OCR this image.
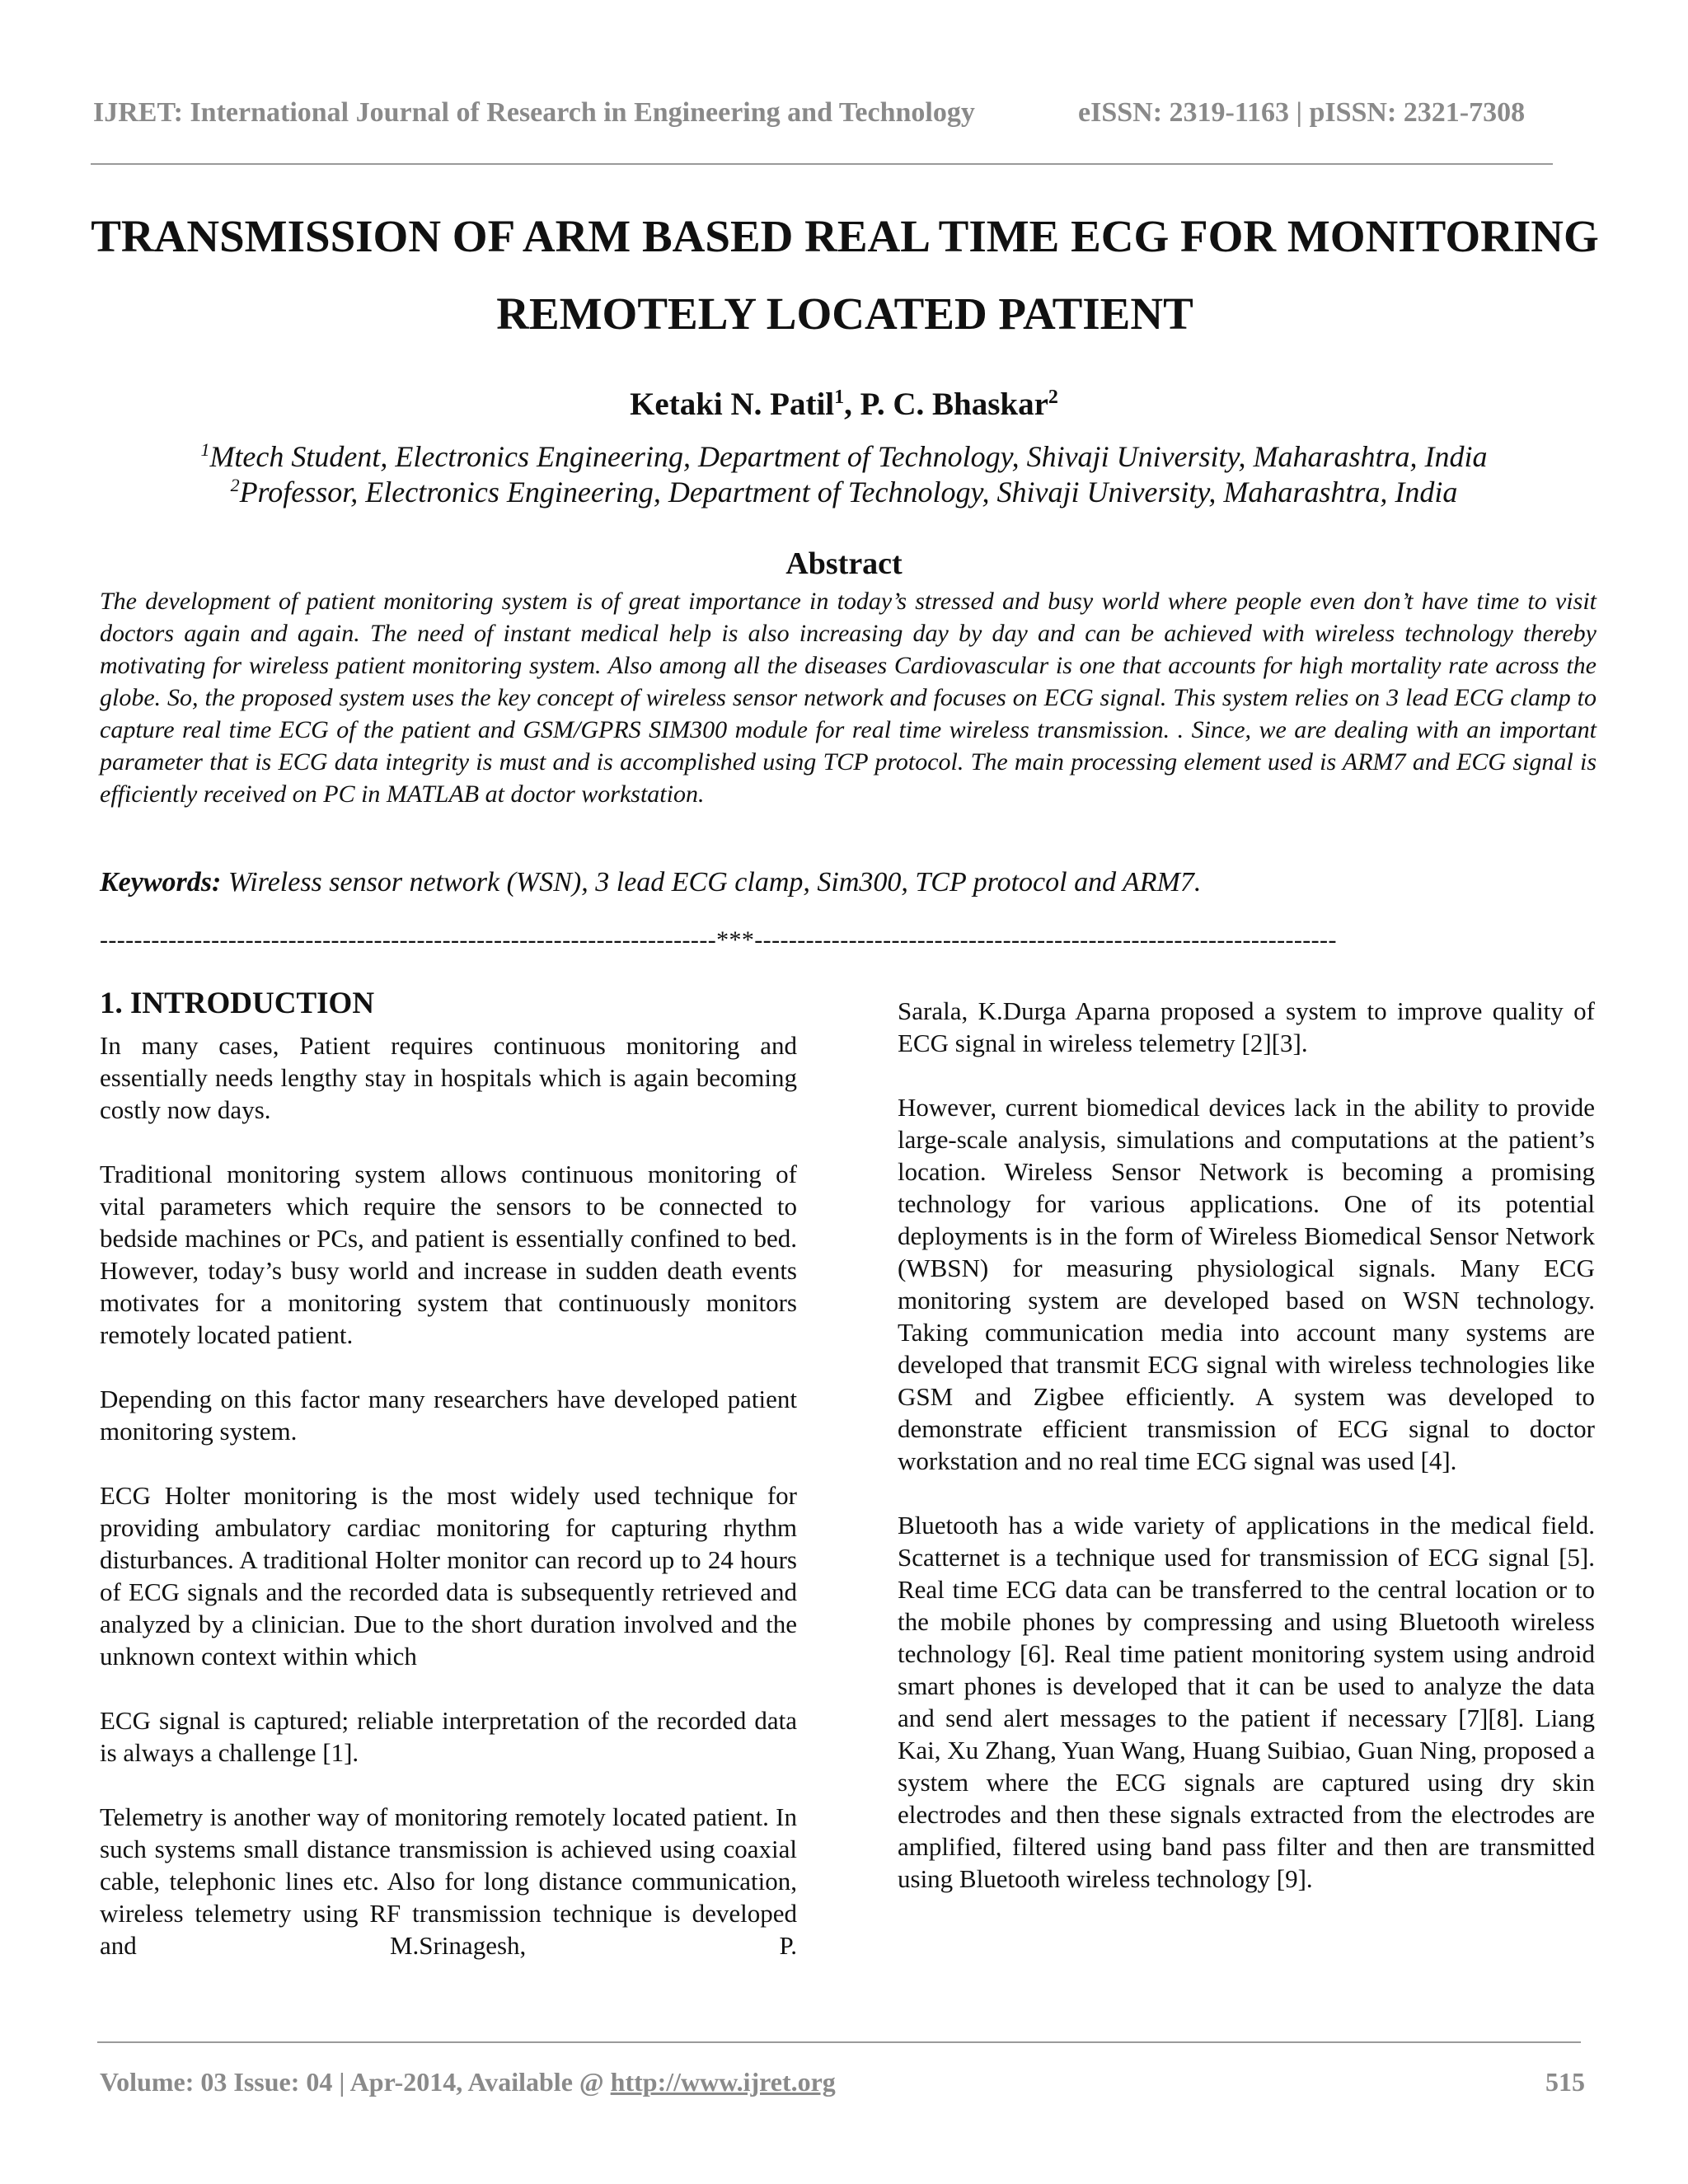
IJRET: International Journal of Research in Engineering and Technology	eISSN: 2319-1163 | pISSN: 2321-7308
TRANSMISSION OF ARM BASED REAL TIME ECG FOR MONITORING
REMOTELY LOCATED PATIENT
Ketaki N. Patil$^1$, P. C. Bhaskar$^2$
$^1$Mtech Student, Electronics Engineering, Department of Technology, Shivaji University, Maharashtra, India
$^2$Professor, Electronics Engineering, Department of Technology, Shivaji University, Maharashtra, India
Abstract
The development of patient monitoring system is of great importance in today’s stressed and busy world where people even don’t have time to visit doctors again and again. The need of instant medical help is also increasing day by day and can be achieved with wireless technology thereby motivating for wireless patient monitoring system. Also among all the diseases Cardiovascular is one that accounts for high mortality rate across the globe. So, the proposed system uses the key concept of wireless sensor network and focuses on ECG signal. This system relies on 3 lead ECG clamp to capture real time ECG of the patient and GSM/GPRS SIM300 module for real time wireless transmission. . Since, we are dealing with an important parameter that is ECG data integrity is must and is accomplished using TCP protocol. The main processing element used is ARM7 and ECG signal is efficiently received on PC in MATLAB at doctor workstation.
Keywords: Wireless sensor network (WSN), 3 lead ECG clamp, Sim300, TCP protocol and ARM7.
------------------------------------------------------------------------***--------------------------------------------------------------------
1. INTRODUCTION

In many cases, Patient requires continuous monitoring and essentially needs lengthy stay in hospitals which is again becoming costly now days.

Traditional monitoring system allows continuous monitoring of vital parameters which require the sensors to be connected to bedside machines or PCs, and patient is essentially confined to bed. However, today’s busy world and increase in sudden death events motivates for a monitoring system that continuously monitors remotely located patient.

Depending on this factor many researchers have developed patient monitoring system.

ECG Holter monitoring is the most widely used technique for providing ambulatory cardiac monitoring for capturing rhythm disturbances. A traditional Holter monitor can record up to 24 hours of ECG signals and the recorded data is subsequently retrieved and analyzed by a clinician. Due to the short duration involved and the unknown context within which

ECG signal is captured; reliable interpretation of the recorded data is always a challenge [1].

Telemetry is another way of monitoring remotely located patient. In such systems small distance transmission is achieved using coaxial cable, telephonic lines etc. Also for long distance communication, wireless telemetry using RF transmission technique is developed and M.Srinagesh, P.

Sarala, K.Durga Aparna proposed a system to improve quality of ECG signal in wireless telemetry [2][3].

However, current biomedical devices lack in the ability to provide large-scale analysis, simulations and computations at the patient’s location. Wireless Sensor Network is becoming a promising technology for various applications. One of its potential deployments is in the form of Wireless Biomedical Sensor Network (WBSN) for measuring physiological signals. Many ECG monitoring system are developed based on WSN technology. Taking communication media into account many systems are developed that transmit ECG signal with wireless technologies like GSM and Zigbee efficiently. A system was developed to demonstrate efficient transmission of ECG signal to doctor workstation and no real time ECG signal was used [4].

Bluetooth has a wide variety of applications in the medical field. Scatternet is a technique used for transmission of ECG signal [5]. Real time ECG data can be transferred to the central location or to the mobile phones by compressing and using Bluetooth wireless technology [6]. Real time patient monitoring system using android smart phones is developed that it can be used to analyze the data and send alert messages to the patient if necessary [7][8]. Liang Kai, Xu Zhang, Yuan Wang, Huang Suibiao, Guan Ning, proposed a system where the ECG signals are captured using dry skin electrodes and then these signals extracted from the electrodes are amplified, filtered using band pass filter and then are transmitted using Bluetooth wireless technology [9].

Volume: 03 Issue: 04 | Apr-2014, Available @ http://www.ijret.org	515
